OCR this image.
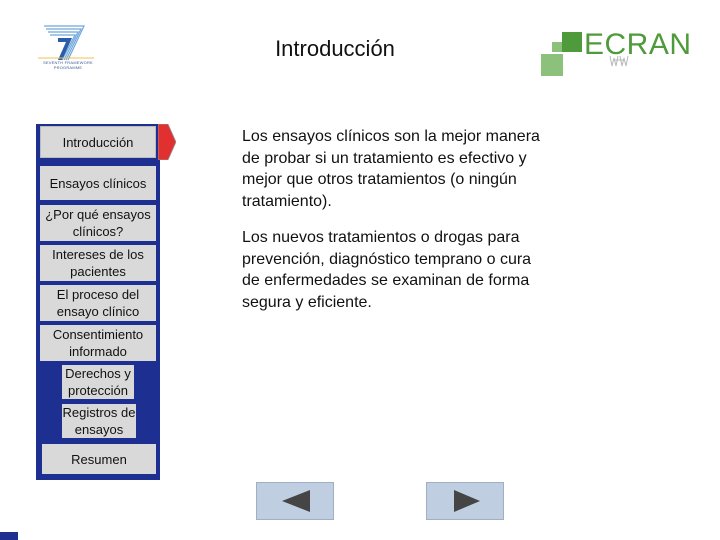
SEVENTH FRAMEWORK PROGRAMME
Introducción	ECRAN
Introducción
Ensayos clínicos
¿Por qué ensayos clínicos?
Intereses de los pacientes
El proceso del ensayo clínico
Consentimiento informado
Derechos y protección
Registros de ensayos
Resumen

Los ensayos clínicos son la mejor manera de probar si un tratamiento es efectivo y mejor que otros tratamientos (o ningún tratamiento).

Los nuevos tratamientos o drogas para prevención, diagnóstico temprano o cura de enfermedades se examinan de forma segura y eficiente.
